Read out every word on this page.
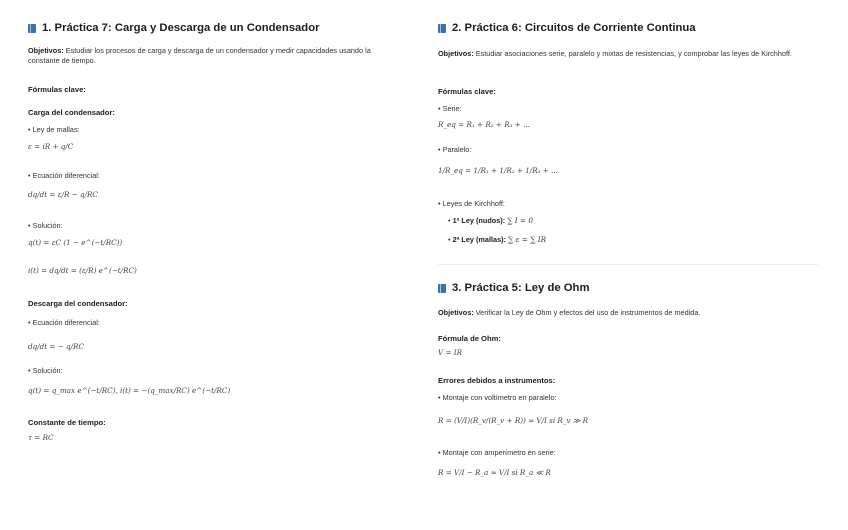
1. Práctica 7: Carga y Descarga de un Condensador
Objetivos: Estudiar los procesos de carga y descarga de un condensador y medir capacidades usando la constante de tiempo.
Fórmulas clave:
Carga del condensador:
• Ley de mallas:
ε = iR + q/C
• Ecuación diferencial:
dq/dt = ε/R − q/RC
• Solución:
q(t) = εC (1 − e^(−t/RC))
i(t) = dq/dt = (ε/R) e^(−t/RC)
Descarga del condensador:
• Ecuación diferencial:
dq/dt = − q/RC
• Solución:
q(t) = q_max e^(−t/RC), i(t) = −(q_max/RC) e^(−t/RC)
Constante de tiempo:
τ = RC
2. Práctica 6: Circuitos de Corriente Continua
Objetivos: Estudiar asociaciones serie, paralelo y mixtas de resistencias, y comprobar las leyes de Kirchhoff.
Fórmulas clave:
• Serie:
R_eq = R₁ + R₂ + R₃ + ...
• Paralelo:
1/R_eq = 1/R₁ + 1/R₂ + 1/R₃ + ...
• Leyes de Kirchhoff:
• 1ª Ley (nudos): ∑ I = 0
• 2ª Ley (mallas): ∑ ε = ∑ IR
3. Práctica 5: Ley de Ohm
Objetivos: Verificar la Ley de Ohm y efectos del uso de instrumentos de medida.
Fórmula de Ohm:
V = IR
Errores debidos a instrumentos:
• Montaje con voltímetro en paralelo:
R = (V/I)(R_v/(R_v + R)) ≈ V/I si R_v ≫ R
• Montaje con amperímetro en serie:
R = V/I − R_a ≈ V/I si R_a ≪ R
